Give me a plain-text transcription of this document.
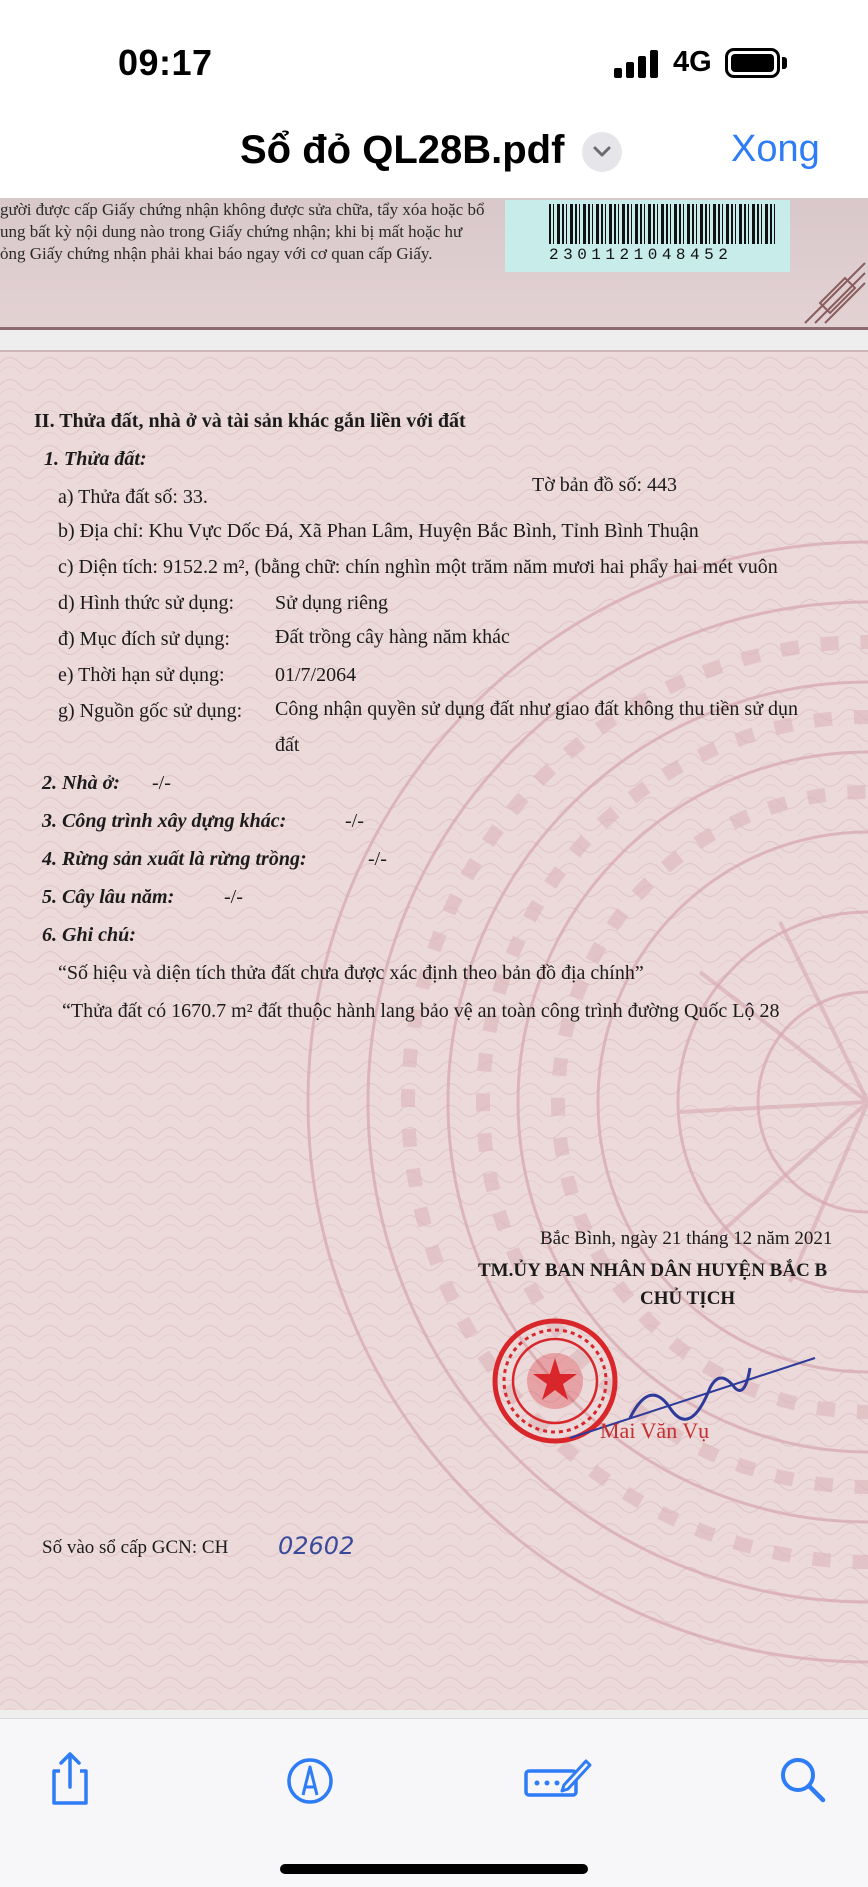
09:17	4G
Sổ đỏ QL28B.pdf	Xong
gười được cấp Giấy chứng nhận không được sửa chữa, tẩy xóa hoặc bổ
ung bất kỳ nội dung nào trong Giấy chứng nhận; khi bị mất hoặc hư
ỏng Giấy chứng nhận phải khai báo ngay với cơ quan cấp Giấy.	2301121048452
II. Thửa đất, nhà ở và tài sản khác gắn liền với đất
1. Thửa đất:
a) Thửa đất số: 33.
Tờ bản đồ số: 443
b) Địa chỉ: Khu Vực Dốc Đá, Xã Phan Lâm, Huyện Bắc Bình, Tỉnh Bình Thuận
c) Diện tích: 9152.2 m², (bằng chữ: chín nghìn một trăm năm mươi hai phẩy hai mét vuôn
d) Hình thức sử dụng: Sử dụng riêng
đ) Mục đích sử dụng: Đất trồng cây hàng năm khác
e) Thời hạn sử dụng:	01/7/2064
g) Nguồn gốc sử dụng: Công nhận quyền sử dụng đất như giao đất không thu tiền sử dụn
đất
2. Nhà ở: -/-
3. Công trình xây dựng khác:	-/-
4. Rừng sản xuất là rừng trồng:	-/-
5. Cây lâu năm: -/-
6. Ghi chú:
“Số hiệu và diện tích thửa đất chưa được xác định theo bản đồ địa chính”
“Thửa đất có 1670.7 m² đất thuộc hành lang bảo vệ an toàn công trình đường Quốc Lộ 28
Bắc Bình, ngày 21 tháng 12 năm 2021
TM.ỦY BAN NHÂN DÂN HUYỆN BẮC B
CHỦ TỊCH
Số vào sổ cấp GCN: CH 02602
Mai Văn Vụ
